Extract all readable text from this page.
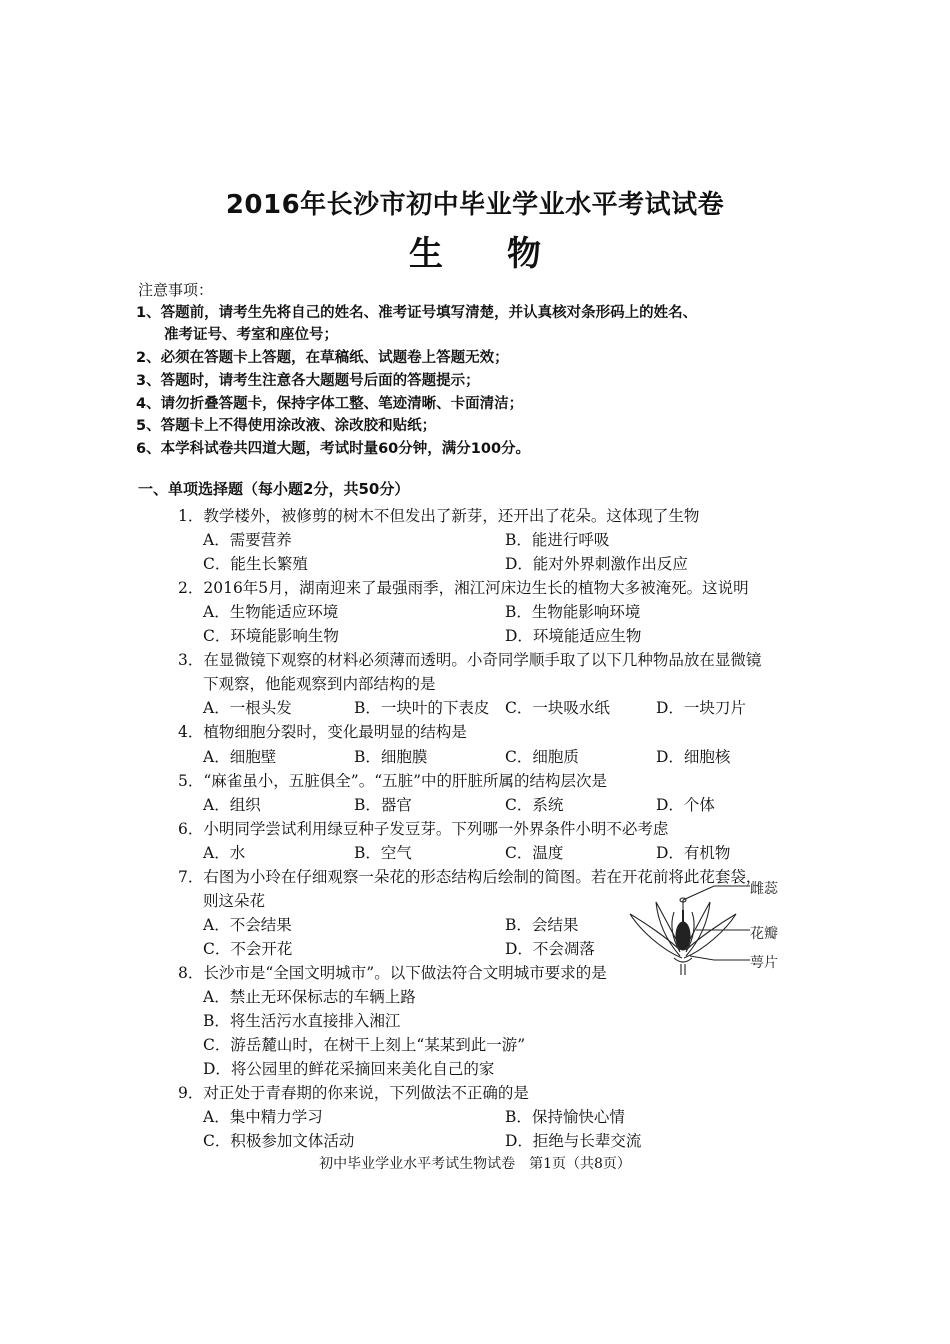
2016年长沙市初中毕业学业水平考试试卷
生物
注意事项：
1、答题前，请考生先将自己的姓名、准考证号填写清楚，并认真核对条形码上的姓名、
准考证号、考室和座位号；
2、必须在答题卡上答题，在草稿纸、试题卷上答题无效；
3、答题时，请考生注意各大题题号后面的答题提示；
4、请勿折叠答题卡，保持字体工整、笔迹清晰、卡面清洁；
5、答题卡上不得使用涂改液、涂改胶和贴纸；
6、本学科试卷共四道大题，考试时量60分钟，满分100分。
一、单项选择题（每小题2分，共50分）
1．教学楼外，被修剪的树木不但发出了新芽，还开出了花朵。这体现了生物
A．需要营养	B．能进行呼吸
C．能生长繁殖	D．能对外界刺激作出反应
2．2016年5月，湖南迎来了最强雨季，湘江河床边生长的植物大多被淹死。这说明
A．生物能适应环境	B．生物能影响环境
C．环境能影响生物	D．环境能适应生物
3．在显微镜下观察的材料必须薄而透明。小奇同学顺手取了以下几种物品放在显微镜
下观察，他能观察到内部结构的是
A．一根头发	B．一块叶的下表皮 C．一块吸水纸	D．一块刀片
4．植物细胞分裂时，变化最明显的结构是
A．细胞壁	B．细胞膜	C．细胞质	D．细胞核
5．“麻雀虽小，五脏俱全”。“五脏”中的肝脏所属的结构层次是
A．组织	B．器官	C．系统	D．个体
6．小明同学尝试利用绿豆种子发豆芽。下列哪一外界条件小明不必考虑
A．水	B．空气	C．温度	D．有机物
7．右图为小玲在仔细观察一朵花的形态结构后绘制的简图。若在开花前将此花套袋，
则这朵花
A．不会结果	B．会结果
C．不会开花	D．不会凋落
雌蕊
花瓣
萼片
8．长沙市是“全国文明城市”。以下做法符合文明城市要求的是
A．禁止无环保标志的车辆上路
B．将生活污水直接排入湘江
C．游岳麓山时，在树干上刻上“某某到此一游”
D．将公园里的鲜花采摘回来美化自己的家
9．对正处于青春期的你来说，下列做法不正确的是
A．集中精力学习	B．保持愉快心情
C．积极参加文体活动	D．拒绝与长辈交流
初中毕业学业水平考试生物试卷　第1页（共8页）
